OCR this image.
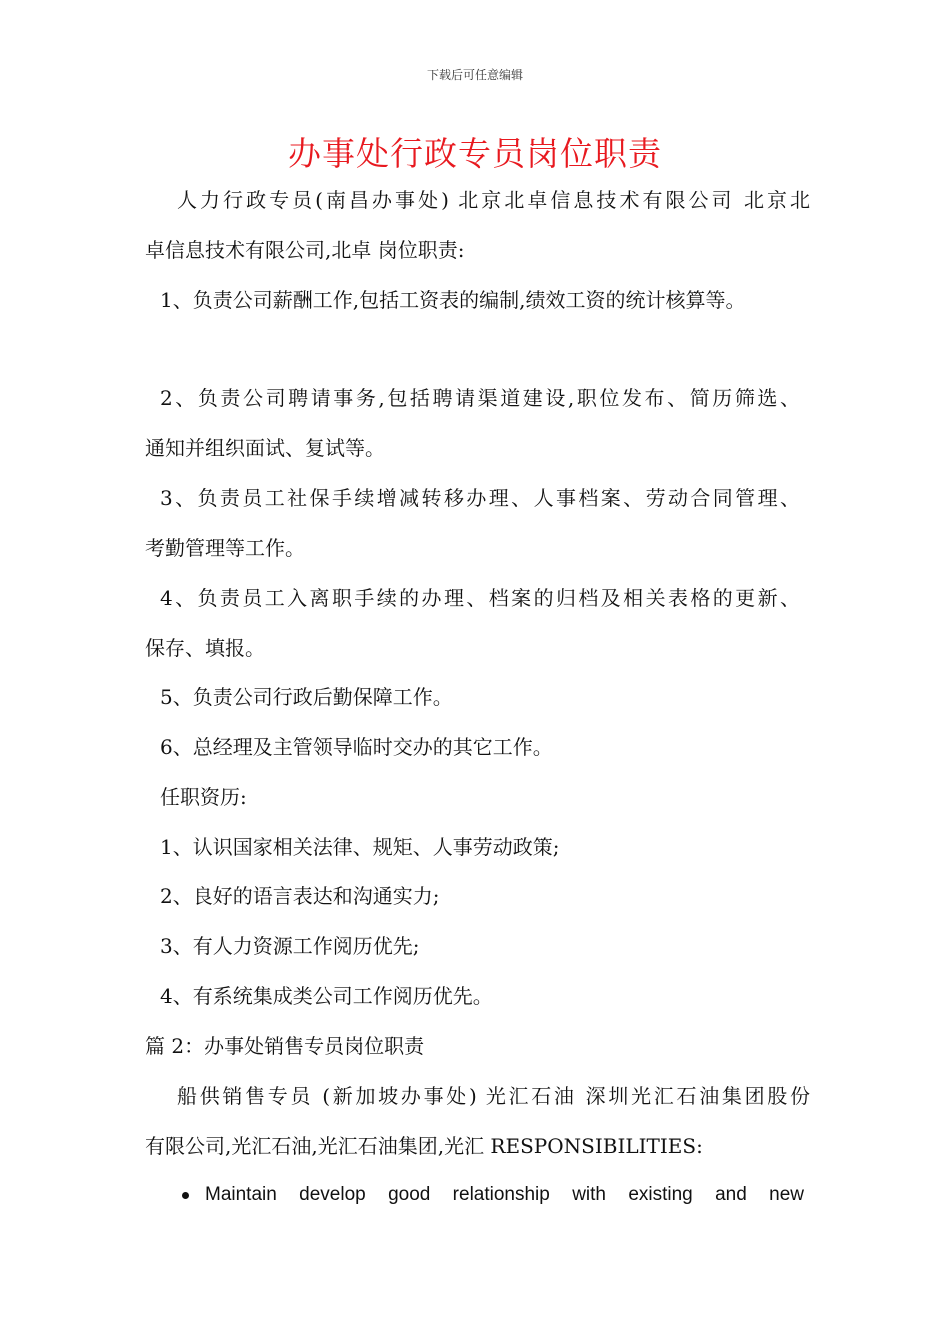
下载后可任意编辑
办事处行政专员岗位职责
人力行政专员(南昌办事处) 北京北卓信息技术有限公司 北京北
卓信息技术有限公司,北卓 岗位职责:
1、负责公司薪酬工作,包括工资表的编制,绩效工资的统计核算等。
2、负责公司聘请事务,包括聘请渠道建设,职位发布、简历筛选、
通知并组织面试、复试等。
3、负责员工社保手续增减转移办理、人事档案、劳动合同管理、
考勤管理等工作。
4、负责员工入离职手续的办理、档案的归档及相关表格的更新、
保存、填报。
5、负责公司行政后勤保障工作。
6、总经理及主管领导临时交办的其它工作。
任职资历:
1、认识国家相关法律、规矩、人事劳动政策;
2、良好的语言表达和沟通实力;
3、有人力资源工作阅历优先;
4、有系统集成类公司工作阅历优先。
篇 2：办事处销售专员岗位职责
船供销售专员 (新加坡办事处) 光汇石油 深圳光汇石油集团股份
有限公司,光汇石油,光汇石油集团,光汇 RESPONSIBILITIES:
Maintain develop good relationship with existing and new
